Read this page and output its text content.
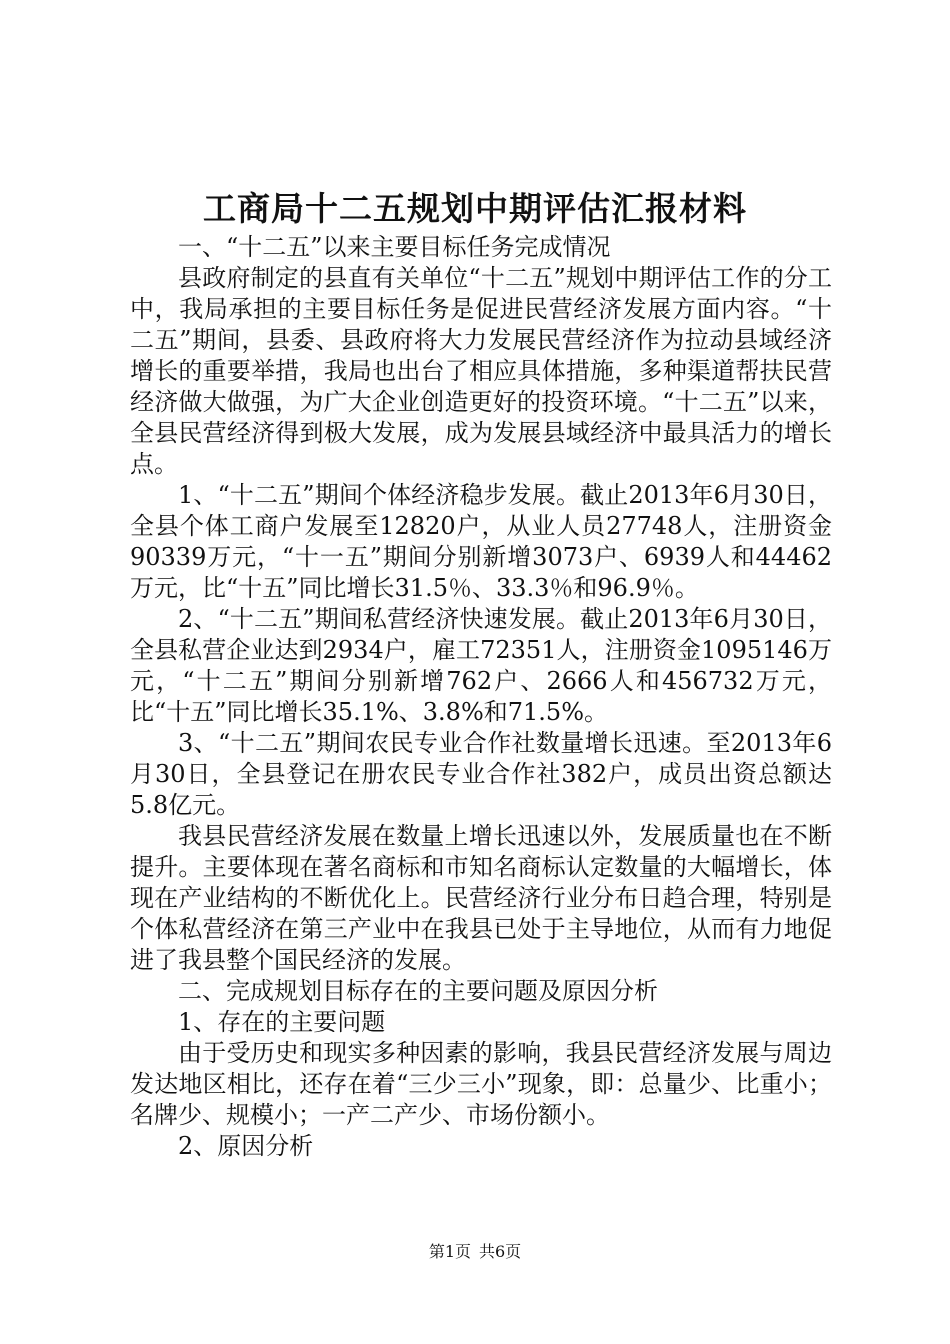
工商局十二五规划中期评估汇报材料

一、“十二五”以来主要目标任务完成情况

县政府制定的县直有关单位“十二五”规划中期评估工作的分工中，我局承担的主要目标任务是促进民营经济发展方面内容。“十二五”期间，县委、县政府将大力发展民营经济作为拉动县域经济增长的重要举措，我局也出台了相应具体措施，多种渠道帮扶民营经济做大做强，为广大企业创造更好的投资环境。“十二五”以来，全县民营经济得到极大发展，成为发展县域经济中最具活力的增长点。

1、“十二五”期间个体经济稳步发展。截止2013年6月30日，全县个体工商户发展至12820户，从业人员27748人，注册资金90339万元，“十一五”期间分别新增3073户、6939人和44462万元，比“十五”同比增长31.5％、33.3％和96.9％。

2、“十二五”期间私营经济快速发展。截止2013年6月30日，全县私营企业达到2934户，雇工72351人，注册资金1095146万元，“十二五”期间分别新增762户、2666人和456732万元，比“十五”同比增长35.1%、3.8%和71.5%。

3、“十二五”期间农民专业合作社数量增长迅速。至2013年6月30日，全县登记在册农民专业合作社382户，成员出资总额达5.8亿元。

我县民营经济发展在数量上增长迅速以外，发展质量也在不断提升。主要体现在著名商标和市知名商标认定数量的大幅增长，体现在产业结构的不断优化上。民营经济行业分布日趋合理，特别是个体私营经济在第三产业中在我县已处于主导地位，从而有力地促进了我县整个国民经济的发展。

二、完成规划目标存在的主要问题及原因分析

1、存在的主要问题

由于受历史和现实多种因素的影响，我县民营经济发展与周边发达地区相比，还存在着“三少三小”现象，即：总量少、比重小；名牌少、规模小；一产二产少、市场份额小。

2、原因分析

第1页 共6页
